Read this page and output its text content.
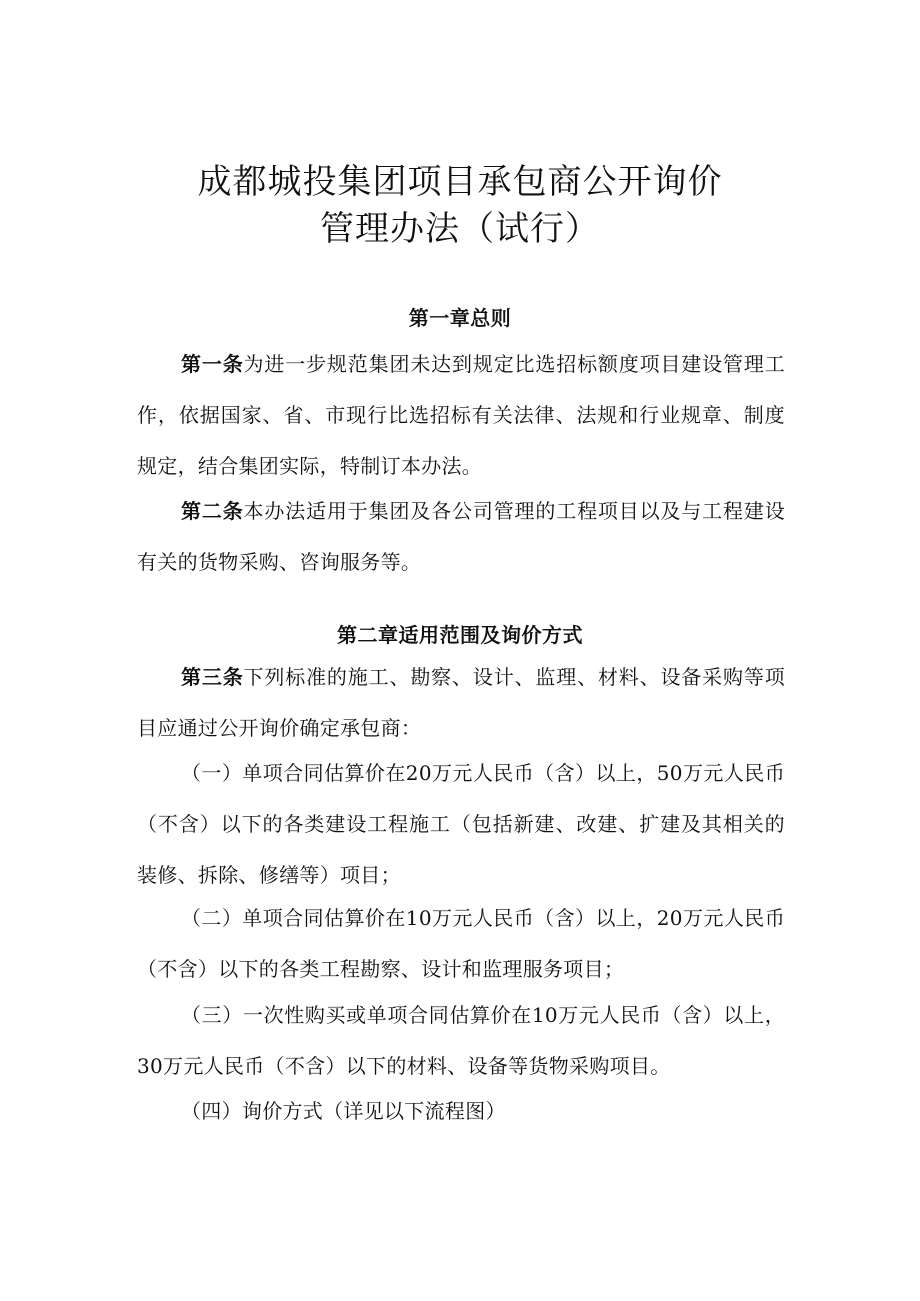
成都城投集团项目承包商公开询价
管理办法（试行）
第一章总则
第一条为进一步规范集团未达到规定比选招标额度项目建设管理工作，依据国家、省、市现行比选招标有关法律、法规和行业规章、制度规定，结合集团实际，特制订本办法。
第二条本办法适用于集团及各公司管理的工程项目以及与工程建设有关的货物采购、咨询服务等。
第二章适用范围及询价方式
第三条下列标准的施工、勘察、设计、监理、材料、设备采购等项目应通过公开询价确定承包商：
（一）单项合同估算价在20万元人民币（含）以上，50万元人民币（不含）以下的各类建设工程施工（包括新建、改建、扩建及其相关的装修、拆除、修缮等）项目；
（二）单项合同估算价在10万元人民币（含）以上，20万元人民币（不含）以下的各类工程勘察、设计和监理服务项目；
（三）一次性购买或单项合同估算价在10万元人民币（含）以上，30万元人民币（不含）以下的材料、设备等货物采购项目。
（四）询价方式（详见以下流程图）
